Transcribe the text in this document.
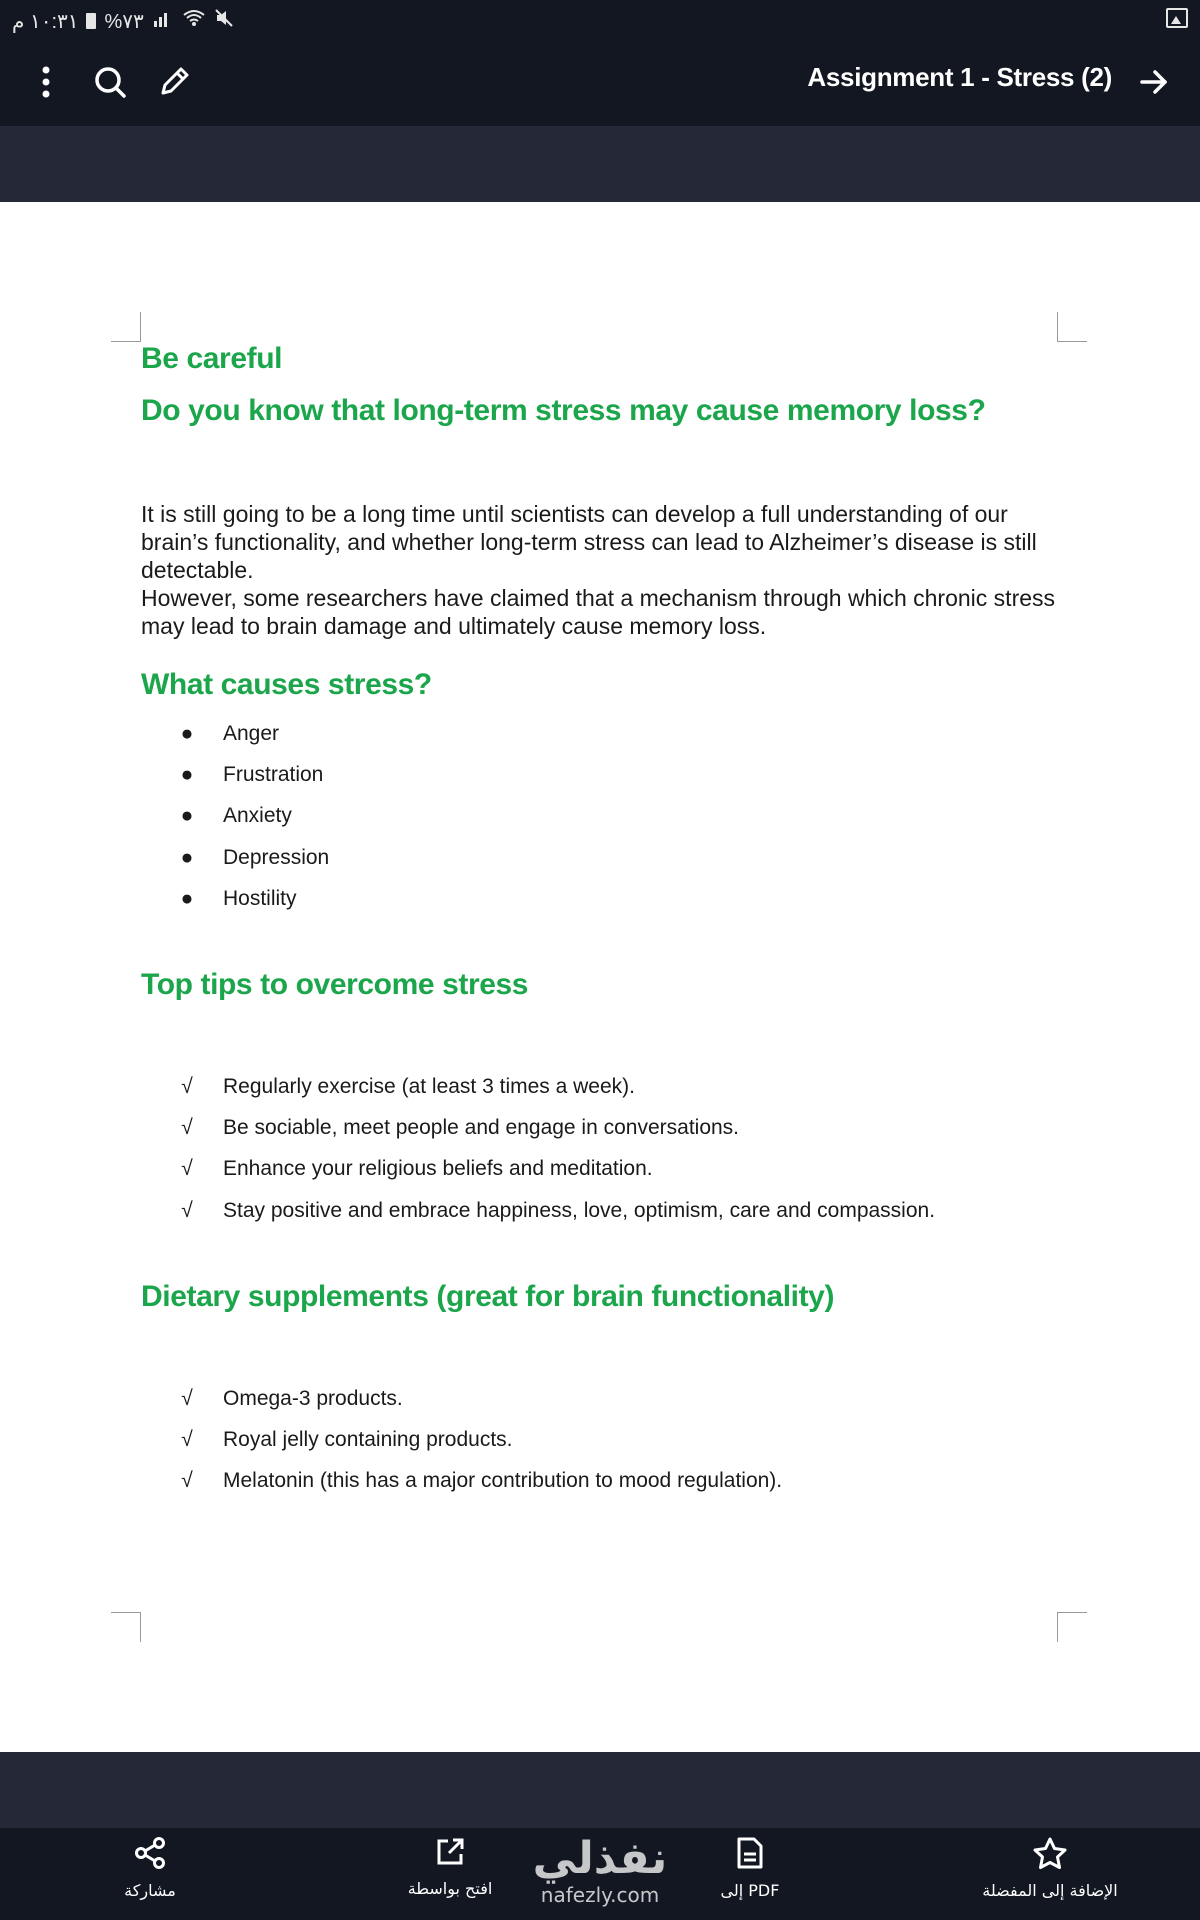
١٠:٣١ م %٧٣
Assignment 1 - Stress (2)
Be careful
Do you know that long-term stress may cause memory loss?
It is still going to be a long time until scientists can develop a full understanding of our brain’s functionality, and whether long-term stress can lead to Alzheimer’s disease is still detectable.
However, some researchers have claimed that a mechanism through which chronic stress may lead to brain damage and ultimately cause memory loss.
What causes stress?
● Anger
● Frustration
● Anxiety
● Depression
● Hostility
Top tips to overcome stress
√ Regularly exercise (at least 3 times a week).
√ Be sociable, meet people and engage in conversations.
√ Enhance your religious beliefs and meditation.
√ Stay positive and embrace happiness, love, optimism, care and compassion.
Dietary supplements (great for brain functionality)
√ Omega-3 products.
√ Royal jelly containing products.
√ Melatonin (this has a major contribution to mood regulation).
مشاركة	افتح بواسطة	إلى PDF	الإضافة إلى المفضلة
نفذلي
nafezly.com
